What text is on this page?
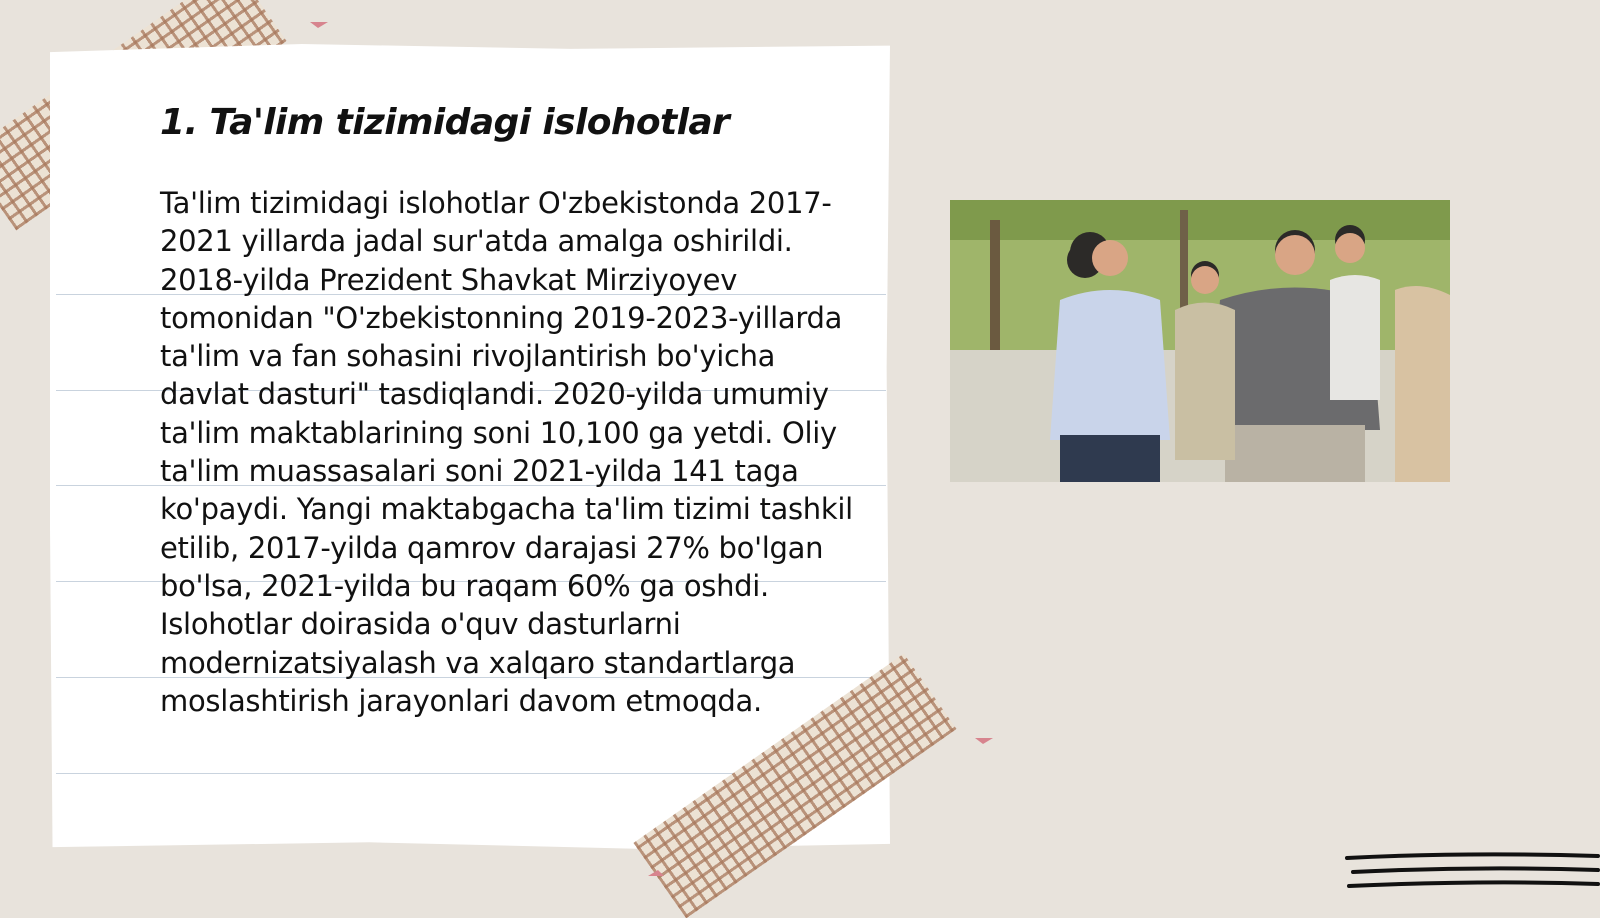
1. Ta'lim tizimidagi islohotlar

Ta'lim tizimidagi islohotlar O'zbekistonda 2017-2021 yillarda jadal sur'atda amalga oshirildi. 2018-yilda Prezident Shavkat Mirziyoyev tomonidan "O'zbekistonning 2019-2023-yillarda ta'lim va fan sohasini rivojlantirish bo'yicha davlat dasturi" tasdiqlandi. 2020-yilda umumiy ta'lim maktablarining soni 10,100 ga yetdi. Oliy ta'lim muassasalari soni 2021-yilda 141 taga ko'paydi. Yangi maktabgacha ta'lim tizimi tashkil etilib, 2017-yilda qamrov darajasi 27% bo'lgan bo'lsa, 2021-yilda bu raqam 60% ga oshdi. Islohotlar doirasida o'quv dasturlarni modernizatsiyalash va xalqaro standartlarga moslashtirish jarayonlari davom etmoqda.
